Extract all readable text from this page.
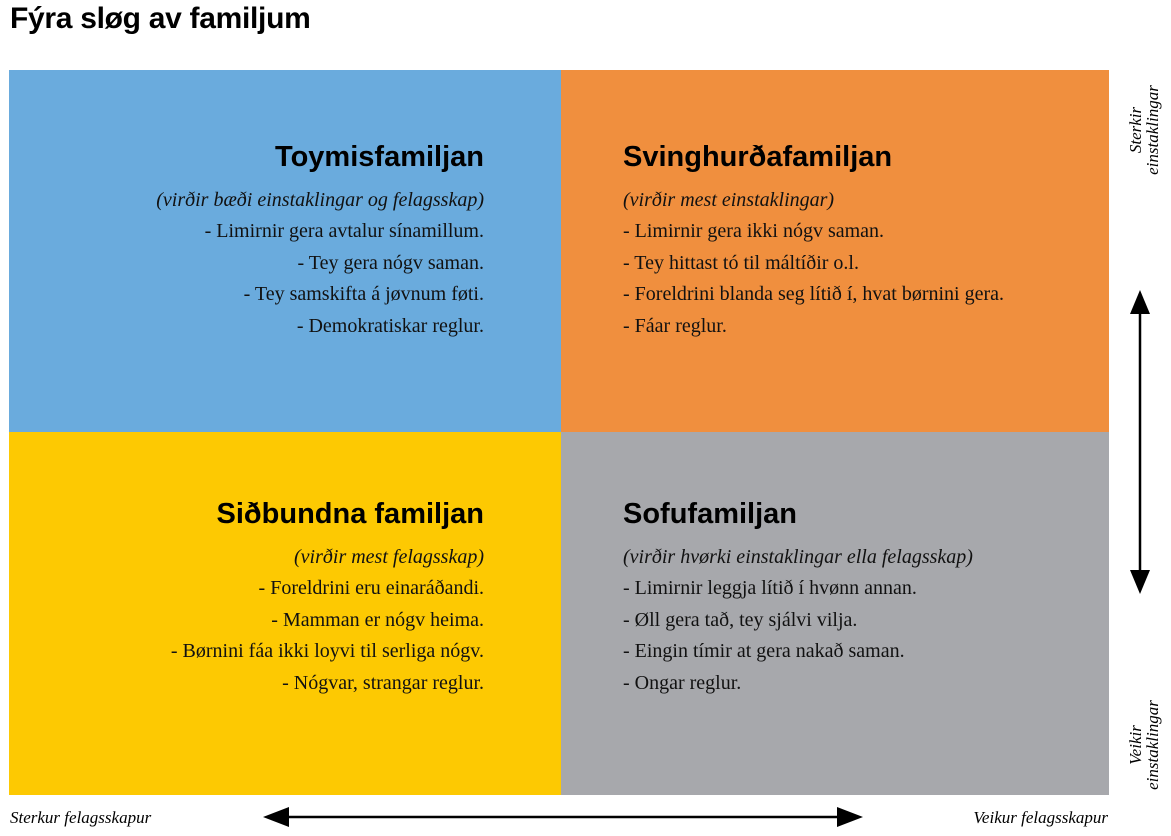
Fýra sløg av familjum
Toymisfamiljan
(virðir bæði einstaklingar og felagsskap)
- Limirnir gera avtalur sínamillum.
- Tey gera nógv saman.
- Tey samskifta á jøvnum føti.
- Demokratiskar reglur.
Svinghurðafamiljan
(virðir mest einstaklingar)
- Limirnir gera ikki nógv saman.
- Tey hittast tó til máltíðir o.l.
- Foreldrini blanda seg lítið í, hvat børnini gera.
- Fáar reglur.
Siðbundna familjan
(virðir mest felagsskap)
- Foreldrini eru einaráðandi.
- Mamman er nógv heima.
- Børnini fáa ikki loyvi til serliga nógv.
- Nógvar, strangar reglur.
Sofufamiljan
(virðir hvørki einstaklingar ella felagsskap)
- Limirnir leggja lítið í hvønn annan.
- Øll gera tað, tey sjálvi vilja.
- Eingin tímir at gera nakað saman.
- Ongar reglur.
Sterkir
einstaklingar
Veikir
einstaklingar
Sterkur felagsskapur	Veikur felagsskapur
